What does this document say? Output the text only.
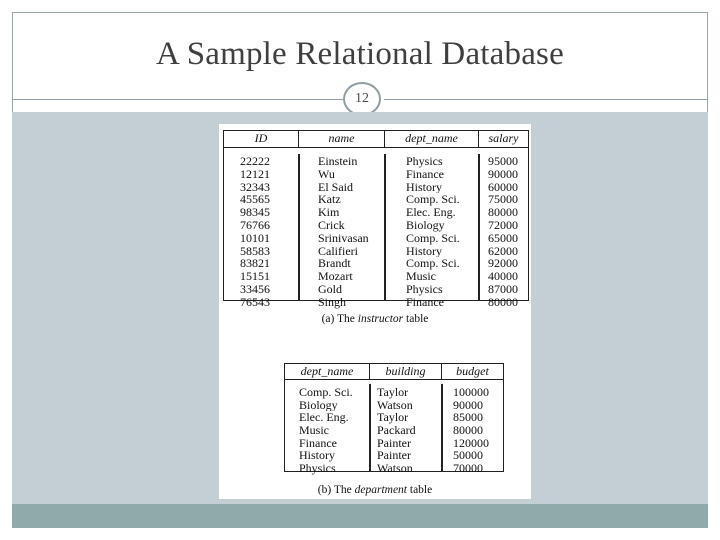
A Sample Relational Database
12
ID	name	dept_name	salary
22222	Einstein	Physics	95000
12121	Wu	Finance	90000
32343	El Said	History	60000
45565	Katz	Comp. Sci.	75000
98345	Kim	Elec. Eng.	80000
76766	Crick	Biology	72000
10101	Srinivasan	Comp. Sci.	65000
58583	Califieri	History	62000
83821	Brandt	Comp. Sci.	92000
15151	Mozart	Music	40000
33456	Gold	Physics	87000
76543	Singh	Finance	80000
(a) The instructor table
dept_name	building	budget
Comp. Sci.	Taylor	100000
Biology	Watson	90000
Elec. Eng.	Taylor	85000
Music	Packard	80000
Finance	Painter	120000
History	Painter	50000
Physics	Watson	70000
(b) The department table
